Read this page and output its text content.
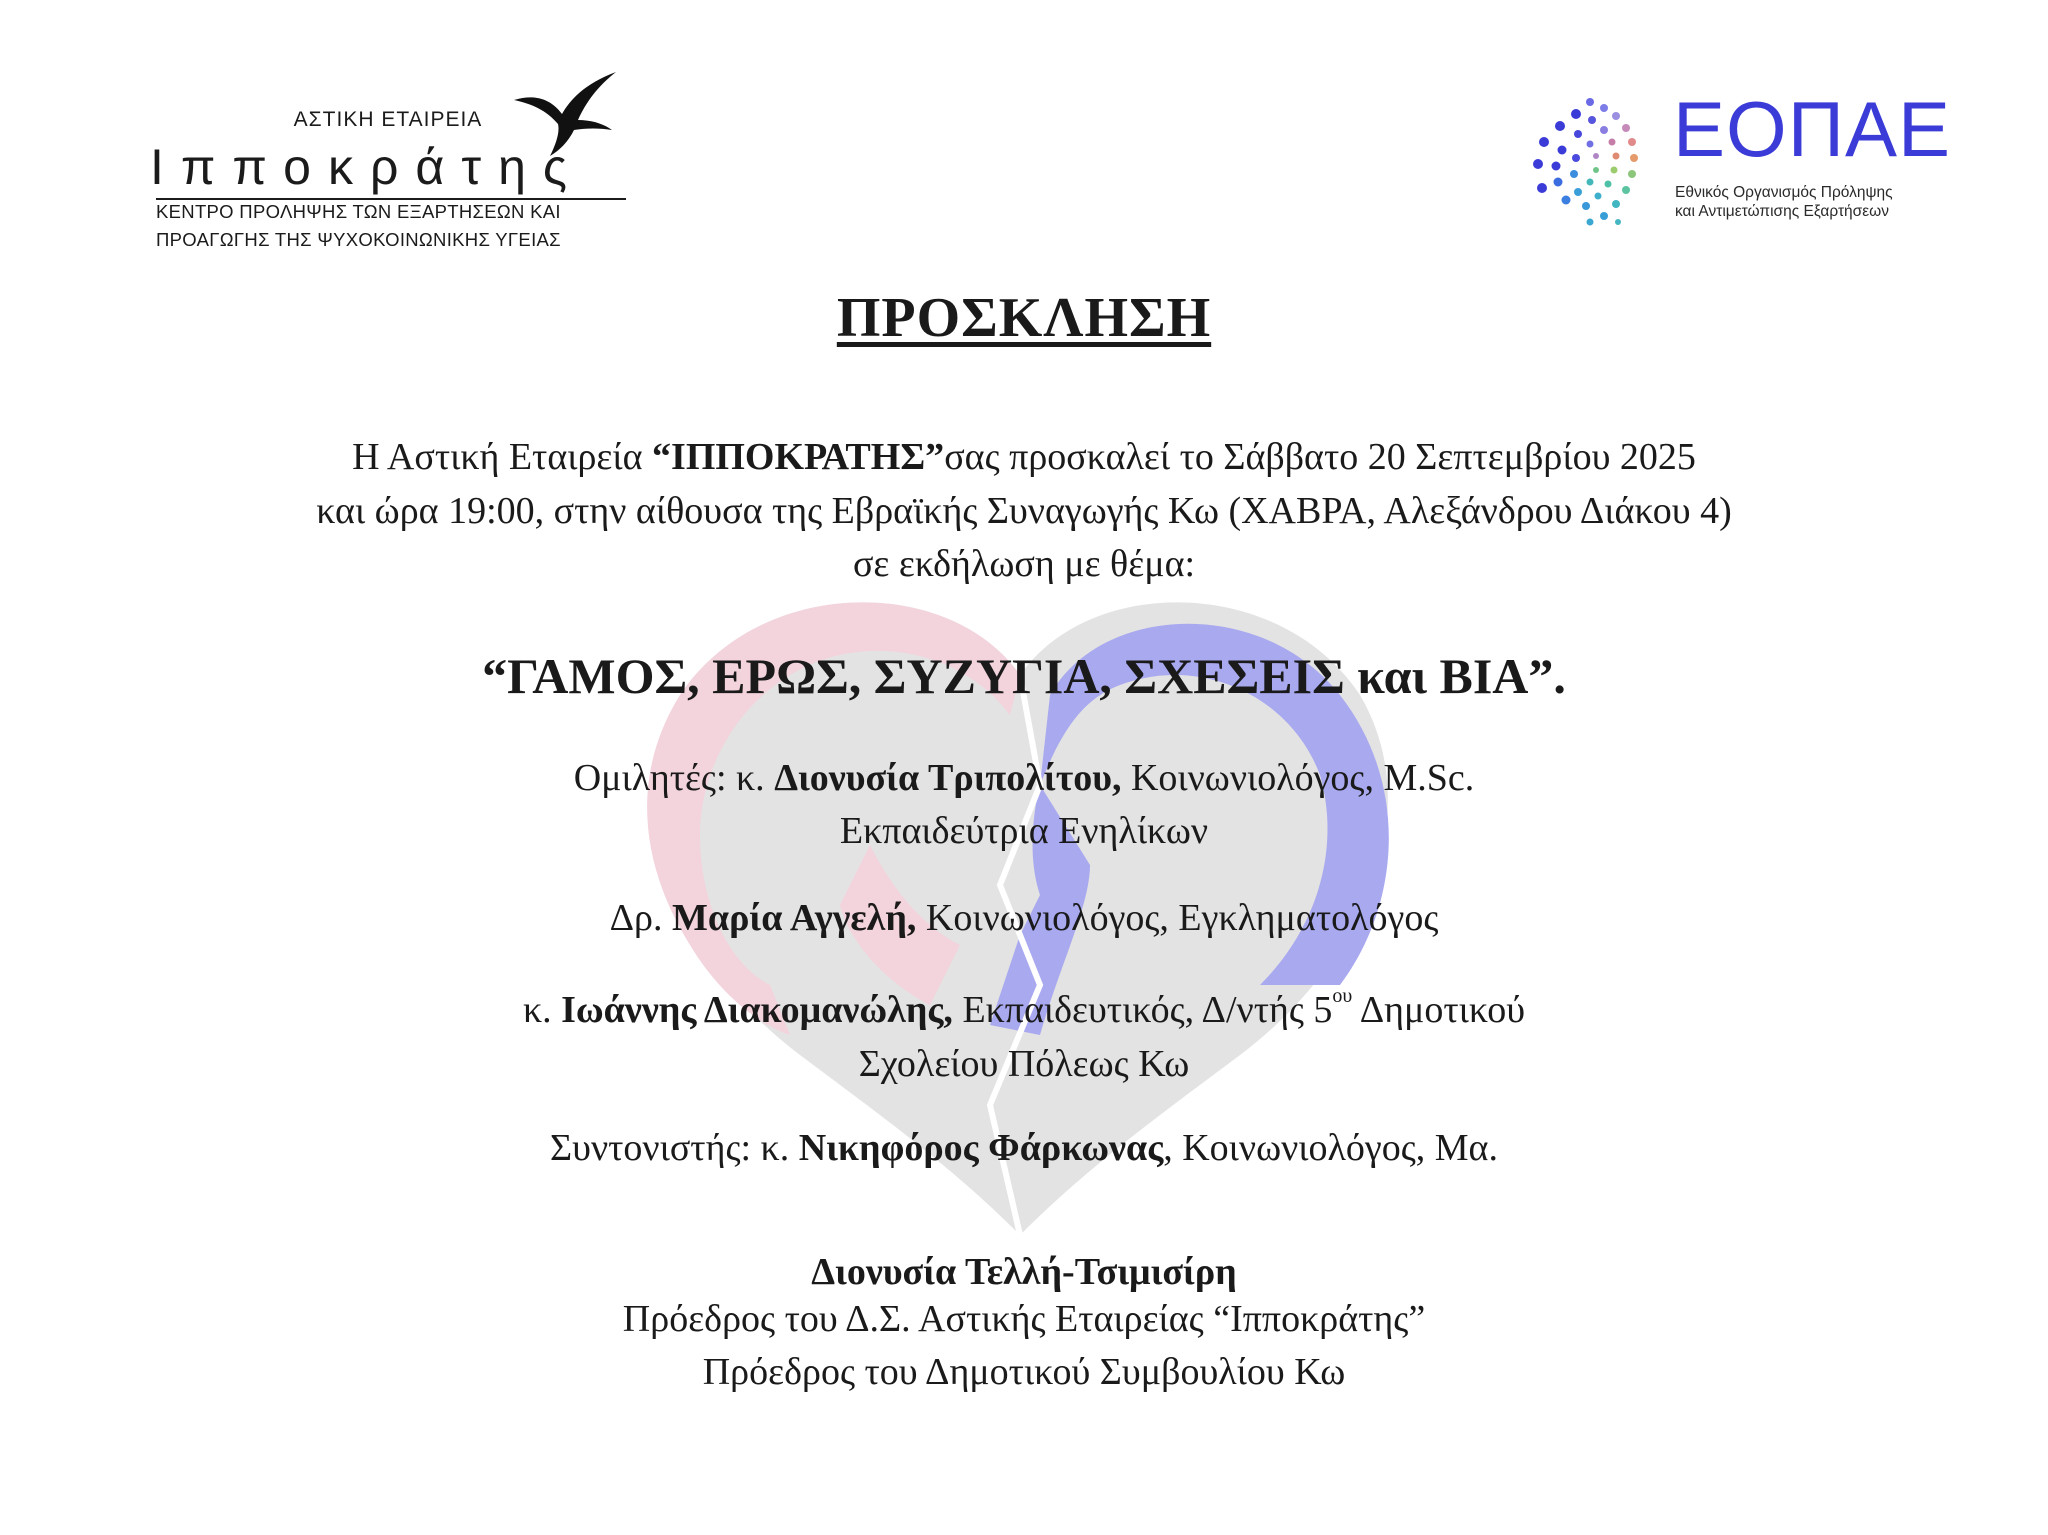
ΑΣΤΙΚΗ ΕΤΑΙΡΕΙΑ
Ιπποκράτης
ΚΕΝΤΡΟ ΠΡΟΛΗΨΗΣ ΤΩΝ ΕΞΑΡΤΗΣΕΩΝ ΚΑΙ
ΠΡΟΑΓΩΓΗΣ ΤΗΣ ΨΥΧΟΚΟΙΝΩΝΙΚΗΣ ΥΓΕΙΑΣ
ΕΟΠΑΕ
Εθνικός Οργανισμός Πρόληψης
και Αντιμετώπισης Εξαρτήσεων
ΠΡΟΣΚΛΗΣΗ
Η Αστική Εταιρεία “ΙΠΠΟΚΡΑΤΗΣ”σας προσκαλεί το Σάββατο 20 Σεπτεμβρίου 2025
και ώρα 19:00, στην αίθουσα της Εβραϊκής Συναγωγής Κω (ΧΑΒΡΑ, Αλεξάνδρου Διάκου 4)
σε εκδήλωση με θέμα:
“ΓΑΜΟΣ, ΕΡΩΣ, ΣΥΖΥΓΙΑ, ΣΧΕΣΕΙΣ και ΒΙΑ”.
Ομιλητές: κ. Διονυσία Τριπολίτου, Κοινωνιολόγος, M.Sc.
Εκπαιδεύτρια Ενηλίκων
Δρ. Μαρία Αγγελή, Κοινωνιολόγος, Εγκληματολόγος
κ. Ιωάννης Διακομανώλης, Εκπαιδευτικός, Δ/ντής $5^{o\upsilon}$ Δημοτικού
Σχολείου Πόλεως Κω
Συντονιστής: κ. Νικηφόρος Φάρκωνας, Κοινωνιολόγος, Μα.
Διονυσία Τελλή-Τσιμισίρη
Πρόεδρος του Δ.Σ. Αστικής Εταιρείας “Ιπποκράτης”
Πρόεδρος του Δημοτικού Συμβουλίου Κω
